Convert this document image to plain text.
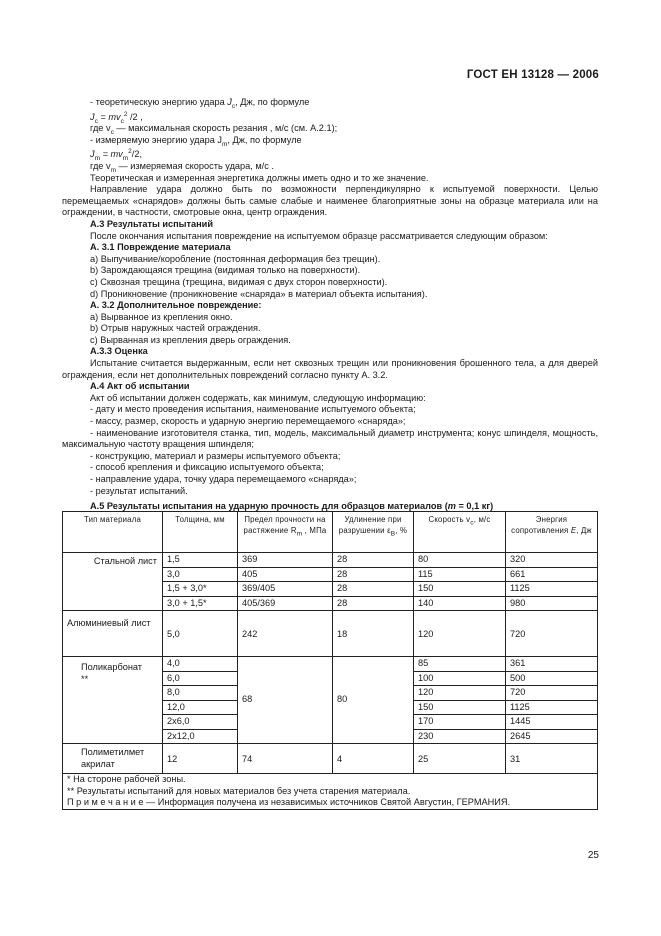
ГОСТ ЕН 13128 — 2006

- теоретическую энергию удара $J_c$, Дж, по формуле

$J_c = mv_c^2$ /2 ,

где $v_c$ — максимальная скорость резания , м/с (см. А.2.1);

- измеряемую энергию удара $J_m$, Дж, по формуле

$J_m = mv_m^2/2$,

где $v_m$ — измеряемая скорость удара, м/с .

Теоретическая и измеренная энергетика должны иметь одно и то же значение.

Направление удара должно быть по возможности перпендикулярно к испытуемой поверхности. Целью перемещаемых «снарядов» должны быть самые слабые и наименее благоприятные зоны на образце материала или на ограждении, в частности, смотровые окна, центр ограждения.

А.3 Результаты испытаний

После окончания испытания повреждение на испытуемом образце рассматривается следующим образом:

А. 3.1 Повреждение материала

a) Выпучивание/коробление (постоянная деформация без трещин).

b) Зарождающаяся трещина (видимая только на поверхности).

c) Сквозная трещина (трещина, видимая с двух сторон поверхности).

d) Проникновение (проникновение «снаряда» в материал объекта испытания).

А. 3.2 Дополнительное повреждение:

a) Вырванное из крепления окно.

b) Отрыв наружных частей ограждения.

c) Вырванная из крепления дверь ограждения.

А.3.3 Оценка

Испытание считается выдержанным, если нет сквозных трещин или проникновения брошенного тела, а для дверей ограждения, если нет дополнительных повреждений согласно пункту А. 3.2.

А.4 Акт об испытании

Акт об испытании должен содержать, как минимум, следующую информацию:

- дату и место проведения испытания, наименование испытуемого объекта;

- массу, размер, скорость и ударную энергию перемещаемого «снаряда»;

- наименование изготовителя станка, тип, модель, максимальный диаметр инструмента; конус шпинделя, мощность, максимальную частоту вращения шпинделя;

- конструкцию, материал и размеры испытуемого объекта;

- способ крепления и фиксацию испытуемого объекта;

- направление удара, точку удара перемещаемого «снаряда»;

- результат испытаний.

А.5 Результаты испытания на ударную прочность для образцов материалов (m = 0,1 кг)

Тип материала	Толщина, мм	Предел прочности на растяжение $R_m$ , МПа	Удлинение при разрушении $\varepsilon_B$, %	Скорость $v_c$, м/с	Энергия сопротивления E, Дж
Стальной лист	1,5	369	28	80	320
	3,0	405	28	115	661
	1,5 + 3,0*	369/405	28	150	1125
	3,0 + 1,5*	405/369	28	140	980
Алюминиевый лист	5,0	242	18	120	720

Поликарбонат **	4,0	68	80	85	361
	6,0			100	500
	8,0			120	720
	12,0			150	1125
	2x6,0			170	1445
	2x12,0			230	2645

Полиметилметакрилат	12	74	4	25	31

* На стороне рабочей зоны.
** Результаты испытаний для новых материалов без учета старения материала.
П р и м е ч а н и е — Информация получена из независимых источников Святой Августин, ГЕРМАНИЯ.					
25
